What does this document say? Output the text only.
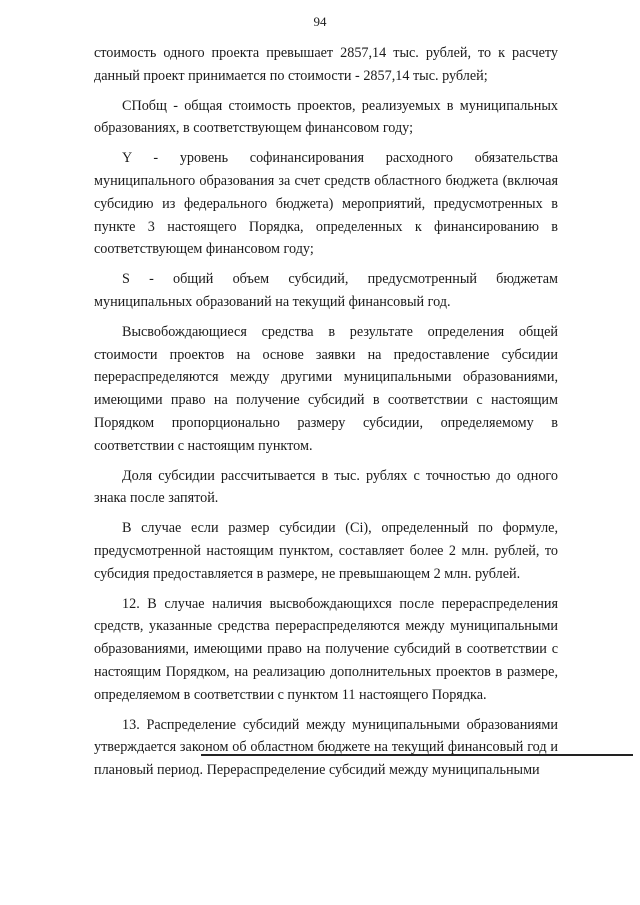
94

стоимость одного проекта превышает 2857,14 тыс. рублей, то к расчету данный проект принимается по стоимости - 2857,14 тыс. рублей;

СПобщ - общая стоимость проектов, реализуемых в муниципальных образованиях, в соответствующем финансовом году;

Y - уровень софинансирования расходного обязательства муниципального образования за счет средств областного бюджета (включая субсидию из федерального бюджета) мероприятий, предусмотренных в пункте 3 настоящего Порядка, определенных к финансированию в соответствующем финансовом году;

S - общий объем субсидий, предусмотренный бюджетам муниципальных образований на текущий финансовый год.

Высвобождающиеся средства в результате определения общей стоимости проектов на основе заявки на предоставление субсидии перераспределяются между другими муниципальными образованиями, имеющими право на получение субсидий в соответствии с настоящим Порядком пропорционально размеру субсидии, определяемому в соответствии с настоящим пунктом.

Доля субсидии рассчитывается в тыс. рублях с точностью до одного знака после запятой.

В случае если размер субсидии (Ci), определенный по формуле, предусмотренной настоящим пунктом, составляет более 2 млн. рублей, то субсидия предоставляется в размере, не превышающем 2 млн. рублей.

12. В случае наличия высвобождающихся после перераспределения средств, указанные средства перераспределяются между муниципальными образованиями, имеющими право на получение субсидий в соответствии с настоящим Порядком, на реализацию дополнительных проектов в размере, определяемом в соответствии с пунктом 11 настоящего Порядка.

13. Распределение субсидий между муниципальными образованиями утверждается законом об областном бюджете на текущий финансовый год и плановый период. Перераспределение субсидий между муниципальными
